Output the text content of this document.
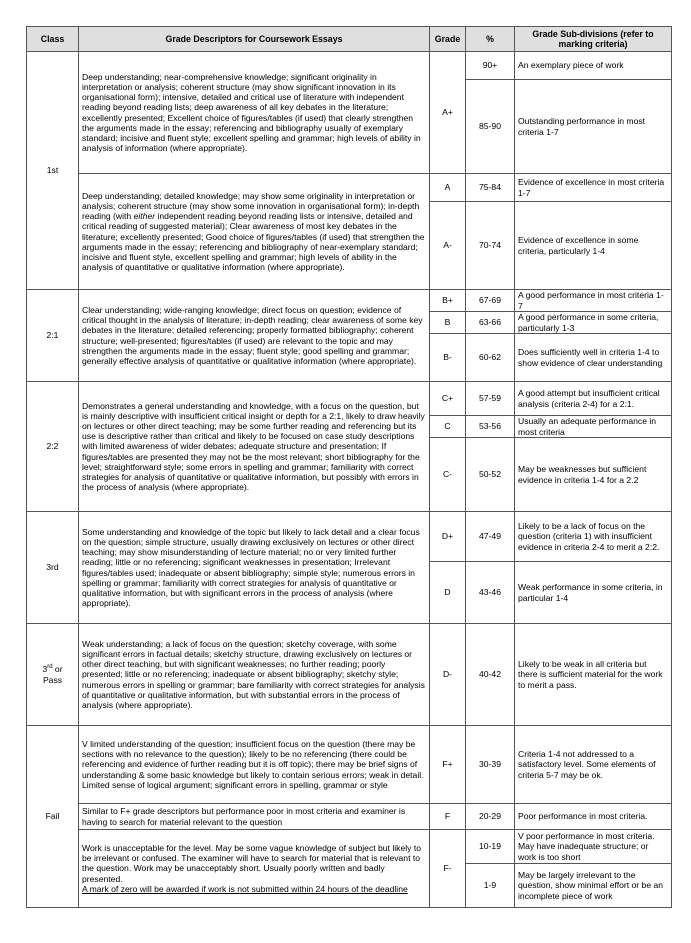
Class	Grade Descriptors for Coursework Essays	Grade	%	Grade Sub-divisions (refer to marking criteria)
1st	Deep understanding; near-comprehensive knowledge; significant originality in interpretation or analysis; coherent structure (may show significant innovation in its organisational form); intensive, detailed and critical use of literature with independent reading beyond reading lists; deep awareness of all key debates in the literature; excellently presented; Excellent choice of figures/tables (if used) that clearly strengthen the arguments made in the essay; referencing and bibliography usually of exemplary standard; incisive and fluent style; excellent spelling and grammar; high levels of ability in analysis of information (where appropriate).	A+	90+	An exemplary piece of work
			85-90	Outstanding performance in most criteria 1-7
	Deep understanding; detailed knowledge; may show some originality in interpretation or analysis; coherent structure (may show some innovation in organisational form); in-depth reading (with either independent reading beyond reading lists or intensive, detailed and critical reading of suggested material); Clear awareness of most key debates in the literature; excellently presented; Good choice of figures/tables (if used) that strengthen the arguments made in the essay; referencing and bibliography of near-exemplary standard; incisive and fluent style, excellent spelling and grammar; high levels of ability in the analysis of quantitative or qualitative information (where appropriate).	A	75-84	Evidence of excellence in most criteria 1-7
		A-	70-74	Evidence of excellence in some criteria, particularly 1-4
2:1	Clear understanding; wide-ranging knowledge; direct focus on question; evidence of critical thought in the analysis of literature; in-depth reading; clear awareness of some key debates in the literature; detailed referencing; properly formatted bibliography; coherent structure; well-presented; figures/tables (if used) are relevant to the topic and may strengthen the arguments made in the essay; fluent style; good spelling and grammar; generally effective analysis of quantitative or qualitative information (where appropriate).	B+	67-69	A good performance in most criteria 1-7
		B	63-66	A good performance in some criteria, particularly 1-3
		B-	60-62	Does sufficiently well in criteria 1-4 to show evidence of clear understanding
2:2	Demonstrates a general understanding and knowledge, with a focus on the question, but is mainly descriptive with insufficient critical insight or depth for a 2:1, likely to draw heavily on lectures or other direct teaching; may be some further reading and referencing but its use is descriptive rather than critical and likely to be focused on case study descriptions with limited awareness of wider debates; adequate structure and presentation; If figures/tables are presented they may not be the most relevant; short bibliography for the level; straightforward style; some errors in spelling and grammar; familiarity with correct strategies for analysis of quantitative or qualitative information, but possibly with errors in the process of analysis (where appropriate).	C+	57-59	A good attempt but insufficient critical analysis (criteria 2-4) for a 2:1.
		C	53-56	Usually an adequate performance in most criteria
		C-	50-52	May be weaknesses but sufficient evidence in criteria 1-4 for a 2.2
3rd	Some understanding and knowledge of the topic but likely to lack detail and a clear focus on the question; simple structure, usually drawing exclusively on lectures or other direct teaching; may show misunderstanding of lecture material; no or very limited further reading; little or no referencing; significant weaknesses in presentation; Irrelevant figures/tables used; inadequate or absent bibliography; simple style; numerous errors in spelling or grammar; familiarity with correct strategies for analysis of quantitative or qualitative information, but with significant errors in the process of analysis (where appropriate).	D+	47-49	Likely to be a lack of focus on the question (criteria 1) with insufficient evidence in criteria 2-4 to merit a 2:2.
		D	43-46	Weak performance in some criteria, in particular 1-4
3rd or
Pass	Weak understanding; a lack of focus on the question; sketchy coverage, with some significant errors in factual details; sketchy structure, drawing exclusively on lectures or other direct teaching, but with significant weaknesses; no further reading; poorly presented; little or no referencing; inadequate or absent bibliography; sketchy style; numerous errors in spelling or grammar; bare familiarity with correct strategies for analysis of quantitative or qualitative information, but with substantial errors in the process of analysis (where appropriate).	D-	40-42	Likely to be weak in all criteria but there is sufficient material for the work to merit a pass.
Fail	V limited understanding of the question; insufficient focus on the question (there may be sections with no relevance to the question); likely to be no referencing (there could be referencing and evidence of further reading but it is off topic); there may be brief signs of understanding & some basic knowledge but likely to contain serious errors; weak in detail. Limited sense of logical argument; significant errors in spelling, grammar or style	F+	30-39	Criteria 1-4 not addressed to a satisfactory level. Some elements of criteria 5-7 may be ok.
	Similar to F+ grade descriptors but performance poor in most criteria and examiner is having to search for material relevant to the question	F	20-29	Poor performance in most criteria.
	Work is unacceptable for the level. May be some vague knowledge of subject but likely to be irrelevant or confused. The examiner will have to search for material that is relevant to the question. Work may be unacceptably short. Usually poorly written and badly presented.
A mark of zero will be awarded if work is not submitted within 24 hours of the deadline	F-	10-19	V poor performance in most criteria. May have inadequate structure; or work is too short
			1-9	May be largely irrelevant to the question, show minimal effort or be an incomplete piece of work
